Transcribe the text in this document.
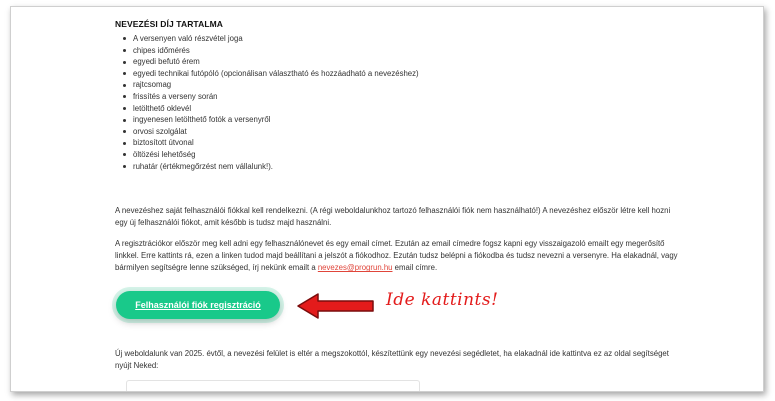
NEVEZÉSI DÍJ TARTALMA
A versenyen való részvétel joga
chipes időmérés
egyedi befutó érem
egyedi technikai futópóló (opcionálisan választható és hozzáadható a nevezéshez)
rajtcsomag
frissítés a verseny során
letölthető oklevél
ingyenesen letölthető fotók a versenyről
orvosi szolgálat
biztosított útvonal
öltözési lehetőség
ruhatár (értékmegőrzést nem vállalunk!).
A nevezéshez saját felhasználói fiókkal kell rendelkezni. (A régi weboldalunkhoz tartozó felhasználói fiók nem használható!) A nevezéshez először létre kell hozni egy új felhasználói fiókot, amit később is tudsz majd használni.
A regisztrációkor először meg kell adni egy felhasználónevet és egy email címet. Ezután az email címedre fogsz kapni egy visszaigazoló emailt egy megerősítő linkkel. Erre kattints rá, ezen a linken tudod majd beállítani a jelszót a fiókodhoz. Ezután tudsz belépni a fiókodba és tudsz nevezni a versenyre. Ha elakadnál, vagy bármilyen segítségre lenne szükséged, írj nekünk emailt a nevezes@progrun.hu email címre.
Felhasználói fiók regisztráció	Ide kattints!
Új weboldalunk van 2025. évtől, a nevezési felület is eltér a megszokottól, készítettünk egy nevezési segédletet, ha elakadnál ide kattintva ez az oldal segítséget nyújt Neked:
